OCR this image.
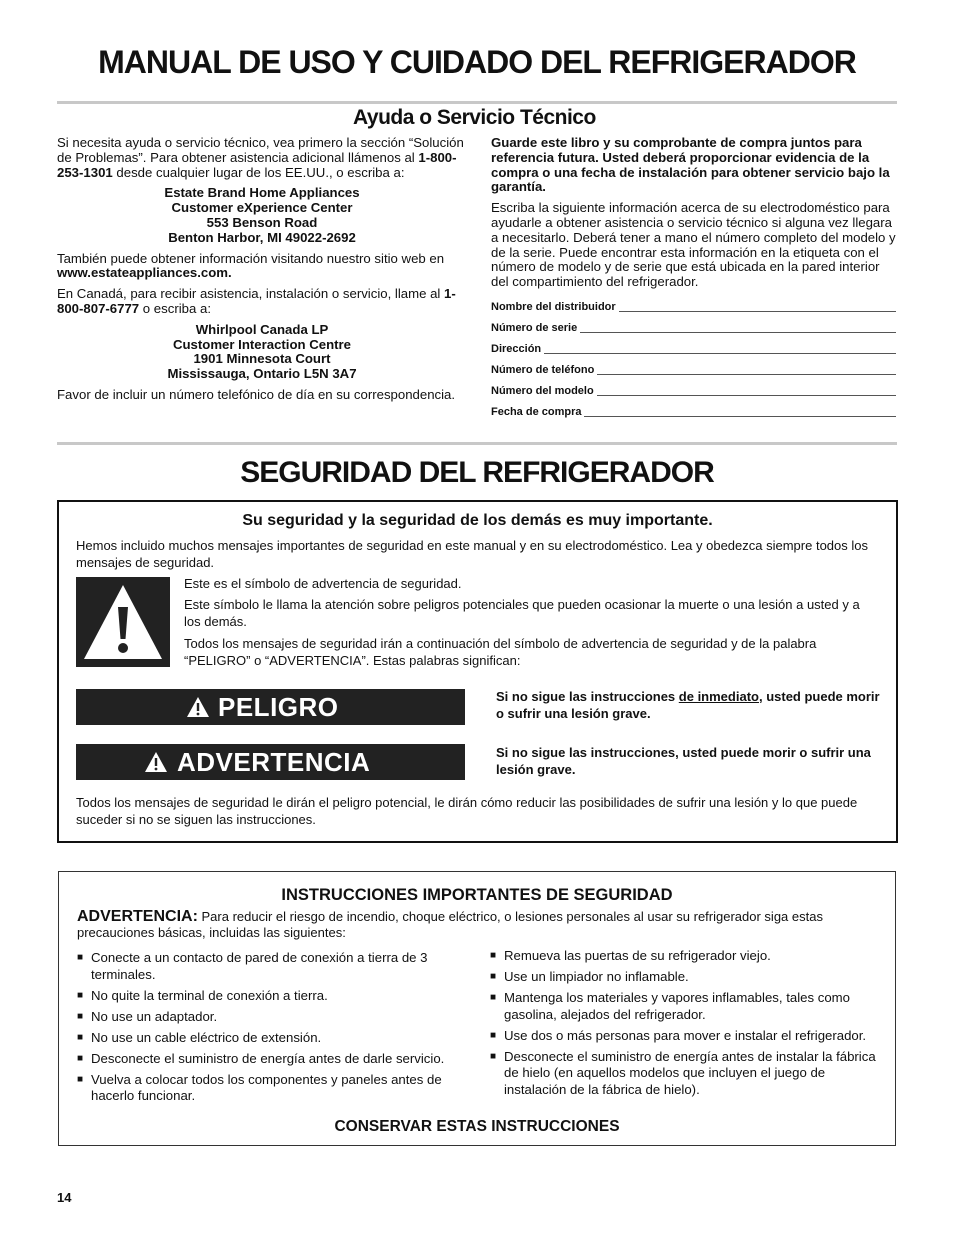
MANUAL DE USO Y CUIDADO DEL REFRIGERADOR
Ayuda o Servicio Técnico

Si necesita ayuda o servicio técnico, vea primero la sección “Solución de Problemas”. Para obtener asistencia adicional llámenos al 1-800-253-1301 desde cualquier lugar de los EE.UU., o escriba a:

Estate Brand Home Appliances
Customer eXperience Center
553 Benson Road
Benton Harbor, MI 49022-2692

También puede obtener información visitando nuestro sitio web en www.estateappliances.com.

En Canadá, para recibir asistencia, instalación o servicio, llame al 1-800-807-6777 o escriba a:

Whirlpool Canada LP
Customer Interaction Centre
1901 Minnesota Court
Mississauga, Ontario L5N 3A7

Favor de incluir un número telefónico de día en su correspondencia.

Guarde este libro y su comprobante de compra juntos para referencia futura. Usted deberá proporcionar evidencia de la compra o una fecha de instalación para obtener servicio bajo la garantía.

Escriba la siguiente información acerca de su electrodoméstico para ayudarle a obtener asistencia o servicio técnico si alguna vez llegara a necesitarlo. Deberá tener a mano el número completo del modelo y de la serie. Puede encontrar esta información en la etiqueta con el número de modelo y de serie que está ubicada en la pared interior del compartimiento del refrigerador.

Nombre del distribuidor
Número de serie
Dirección
Número de teléfono
Número del modelo
Fecha de compra
SEGURIDAD DEL REFRIGERADOR
Su seguridad y la seguridad de los demás es muy importante.
Hemos incluido muchos mensajes importantes de seguridad en este manual y en su electrodoméstico. Lea y obedezca siempre todos los mensajes de seguridad.
Este es el símbolo de advertencia de seguridad.
Este símbolo le llama la atención sobre peligros potenciales que pueden ocasionar la muerte o una lesión a usted y a los demás.
Todos los mensajes de seguridad irán a continuación del símbolo de advertencia de seguridad y de la palabra “PELIGRO” o “ADVERTENCIA”. Estas palabras significan:
PELIGRO	Si no sigue las instrucciones de inmediato, usted puede morir o sufrir una lesión grave.
ADVERTENCIA	Si no sigue las instrucciones, usted puede morir o sufrir una lesión grave.
Todos los mensajes de seguridad le dirán el peligro potencial, le dirán cómo reducir las posibilidades de sufrir una lesión y lo que puede suceder si no se siguen las instrucciones.
INSTRUCCIONES IMPORTANTES DE SEGURIDAD
ADVERTENCIA: Para reducir el riesgo de incendio, choque eléctrico, o lesiones personales al usar su refrigerador siga estas precauciones básicas, incluidas las siguientes:
■ Conecte a un contacto de pared de conexión a tierra de 3 terminales.
■ No quite la terminal de conexión a tierra.
■ No use un adaptador.
■ No use un cable eléctrico de extensión.
■ Desconecte el suministro de energía antes de darle servicio.
■ Vuelva a colocar todos los componentes y paneles antes de hacerlo funcionar.
■ Remueva las puertas de su refrigerador viejo.
■ Use un limpiador no inflamable.
■ Mantenga los materiales y vapores inflamables, tales como gasolina, alejados del refrigerador.
■ Use dos o más personas para mover e instalar el refrigerador.
■ Desconecte el suministro de energía antes de instalar la fábrica de hielo (en aquellos modelos que incluyen el juego de instalación de la fábrica de hielo).
CONSERVAR ESTAS INSTRUCCIONES
14
